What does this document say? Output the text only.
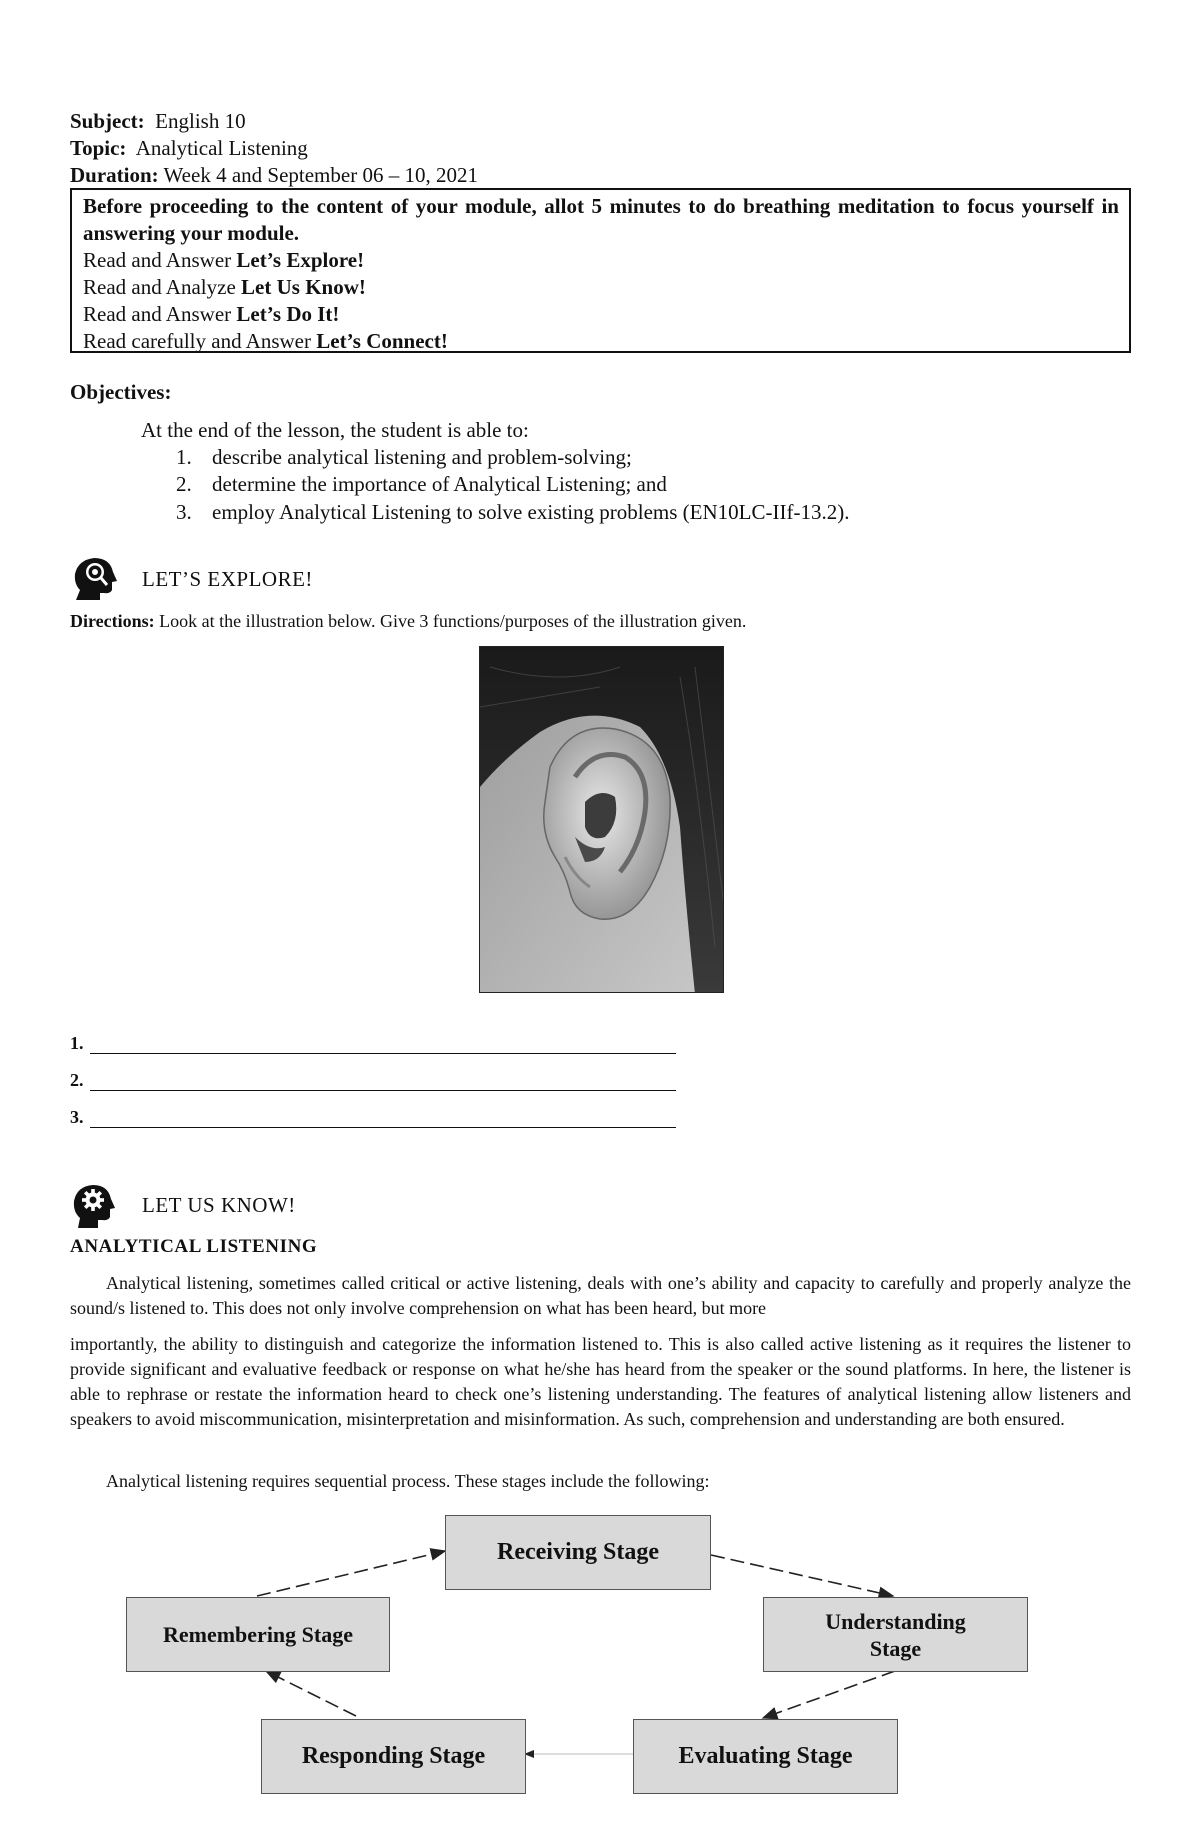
Subject: English 10
Topic: Analytical Listening
Duration: Week 4 and September 06 – 10, 2021
Before proceeding to the content of your module, allot 5 minutes to do breathing meditation to focus yourself in answering your module.
Read and Answer Let’s Explore!
Read and Analyze Let Us Know!
Read and Answer Let’s Do It!
Read carefully and Answer Let’s Connect!
Objectives:
At the end of the lesson, the student is able to:
1. describe analytical listening and problem-solving;
2. determine the importance of Analytical Listening; and
3. employ Analytical Listening to solve existing problems (EN10LC-IIf-13.2).
LET’S EXPLORE!
Directions: Look at the illustration below. Give 3 functions/purposes of the illustration given.
1.
2.
3.
LET US KNOW!
ANALYTICAL LISTENING
Analytical listening, sometimes called critical or active listening, deals with one’s ability and capacity to carefully and properly analyze the sound/s listened to. This does not only involve comprehension on what has been heard, but more
importantly, the ability to distinguish and categorize the information listened to. This is also called active listening as it requires the listener to provide significant and evaluative feedback or response on what he/she has heard from the speaker or the sound platforms. In here, the listener is able to rephrase or restate the information heard to check one’s listening understanding. The features of analytical listening allow listeners and speakers to avoid miscommunication, misinterpretation and misinformation. As such, comprehension and understanding are both ensured.
Analytical listening requires sequential process. These stages include the following:
Receiving Stage
Understanding
Stage
Evaluating Stage
Responding Stage
Remembering Stage
